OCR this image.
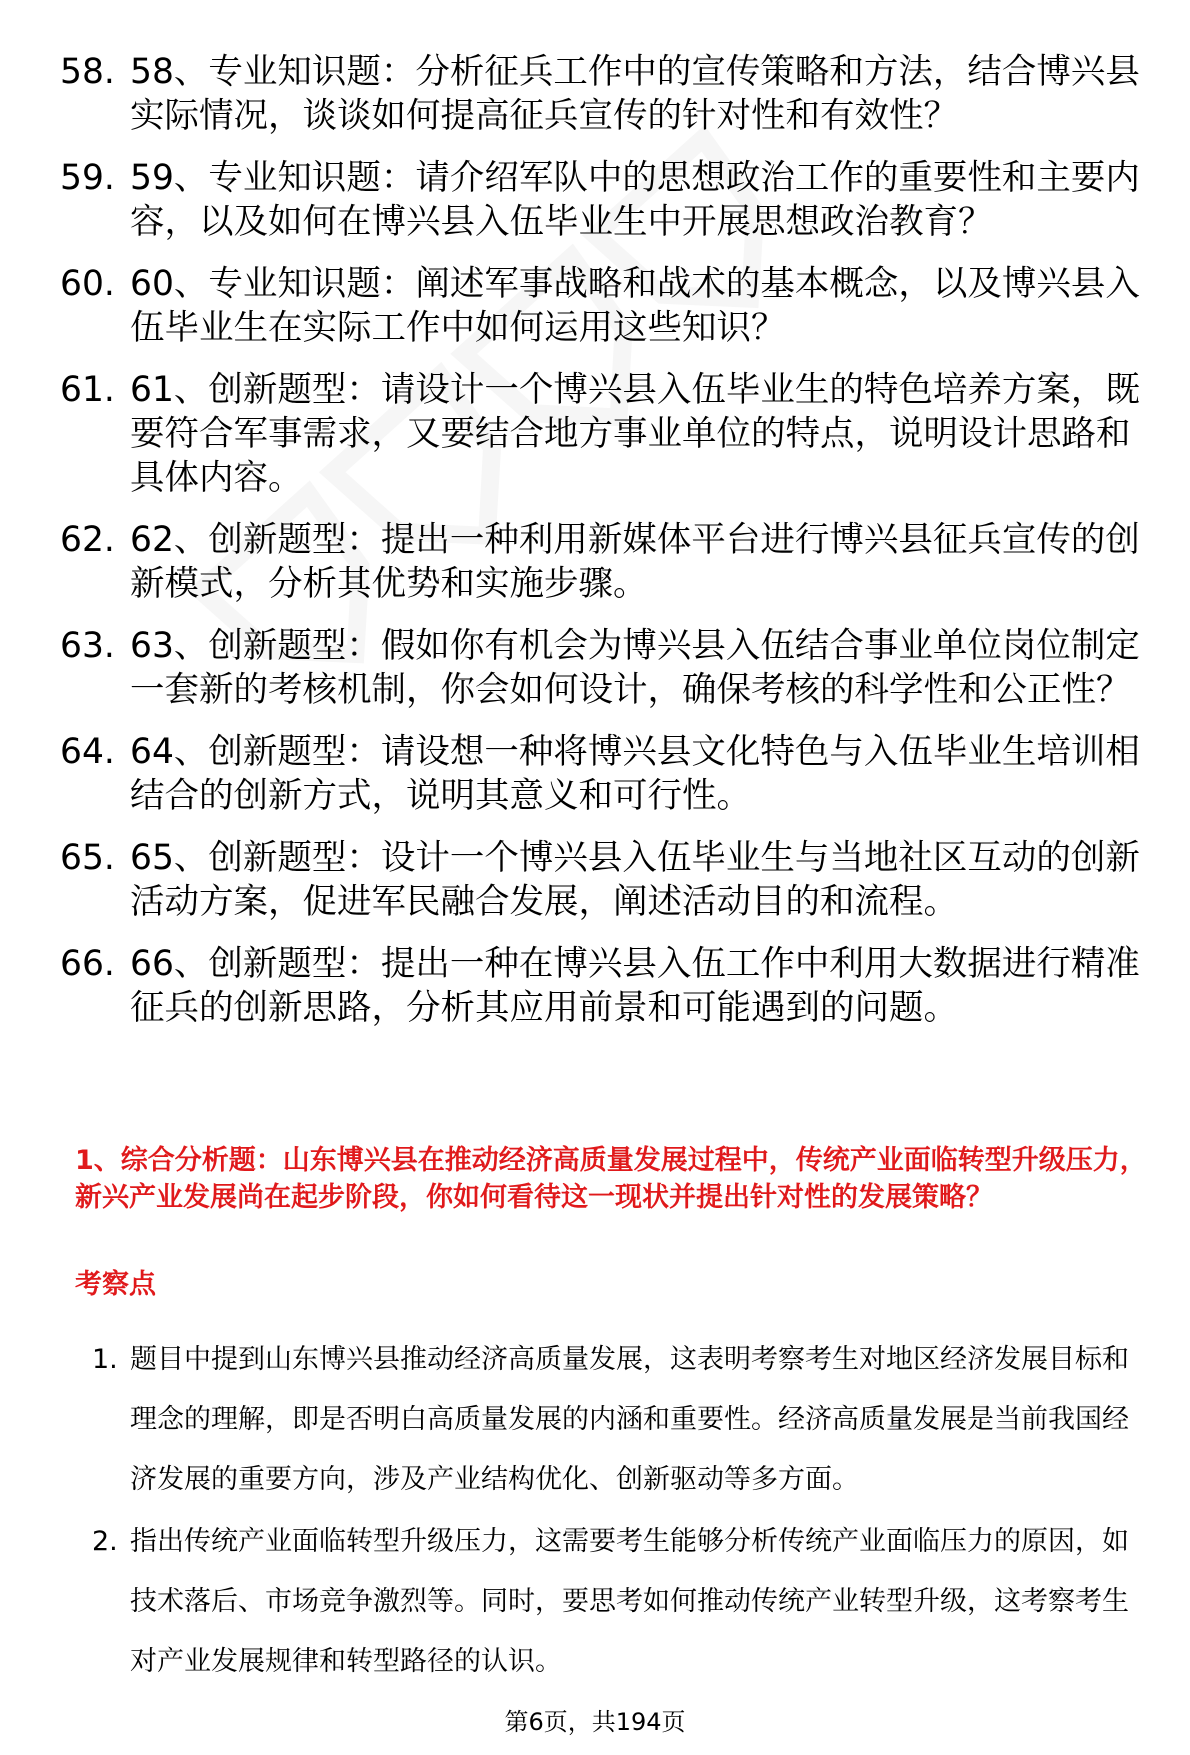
58. 58、专业知识题：分析征兵工作中的宣传策略和方法，结合博兴县实际情况，谈谈如何提高征兵宣传的针对性和有效性？
59. 59、专业知识题：请介绍军队中的思想政治工作的重要性和主要内容，以及如何在博兴县入伍毕业生中开展思想政治教育？
60. 60、专业知识题：阐述军事战略和战术的基本概念，以及博兴县入伍毕业生在实际工作中如何运用这些知识？
61. 61、创新题型：请设计一个博兴县入伍毕业生的特色培养方案，既要符合军事需求，又要结合地方事业单位的特点，说明设计思路和具体内容。
62. 62、创新题型：提出一种利用新媒体平台进行博兴县征兵宣传的创新模式，分析其优势和实施步骤。
63. 63、创新题型：假如你有机会为博兴县入伍结合事业单位岗位制定一套新的考核机制，你会如何设计，确保考核的科学性和公正性？
64. 64、创新题型：请设想一种将博兴县文化特色与入伍毕业生培训相结合的创新方式，说明其意义和可行性。
65. 65、创新题型：设计一个博兴县入伍毕业生与当地社区互动的创新活动方案，促进军民融合发展，阐述活动目的和流程。
66. 66、创新题型：提出一种在博兴县入伍工作中利用大数据进行精准征兵的创新思路，分析其应用前景和可能遇到的问题。
1、综合分析题：山东博兴县在推动经济高质量发展过程中，传统产业面临转型升级压力，新兴产业发展尚在起步阶段，你如何看待这一现状并提出针对性的发展策略？
考察点
1. 题目中提到山东博兴县推动经济高质量发展，这表明考察考生对地区经济发展目标和理念的理解，即是否明白高质量发展的内涵和重要性。经济高质量发展是当前我国经济发展的重要方向，涉及产业结构优化、创新驱动等多方面。
2. 指出传统产业面临转型升级压力，这需要考生能够分析传统产业面临压力的原因，如技术落后、市场竞争激烈等。同时，要思考如何推动传统产业转型升级，这考察考生对产业发展规律和转型路径的认识。
第6页，共194页
